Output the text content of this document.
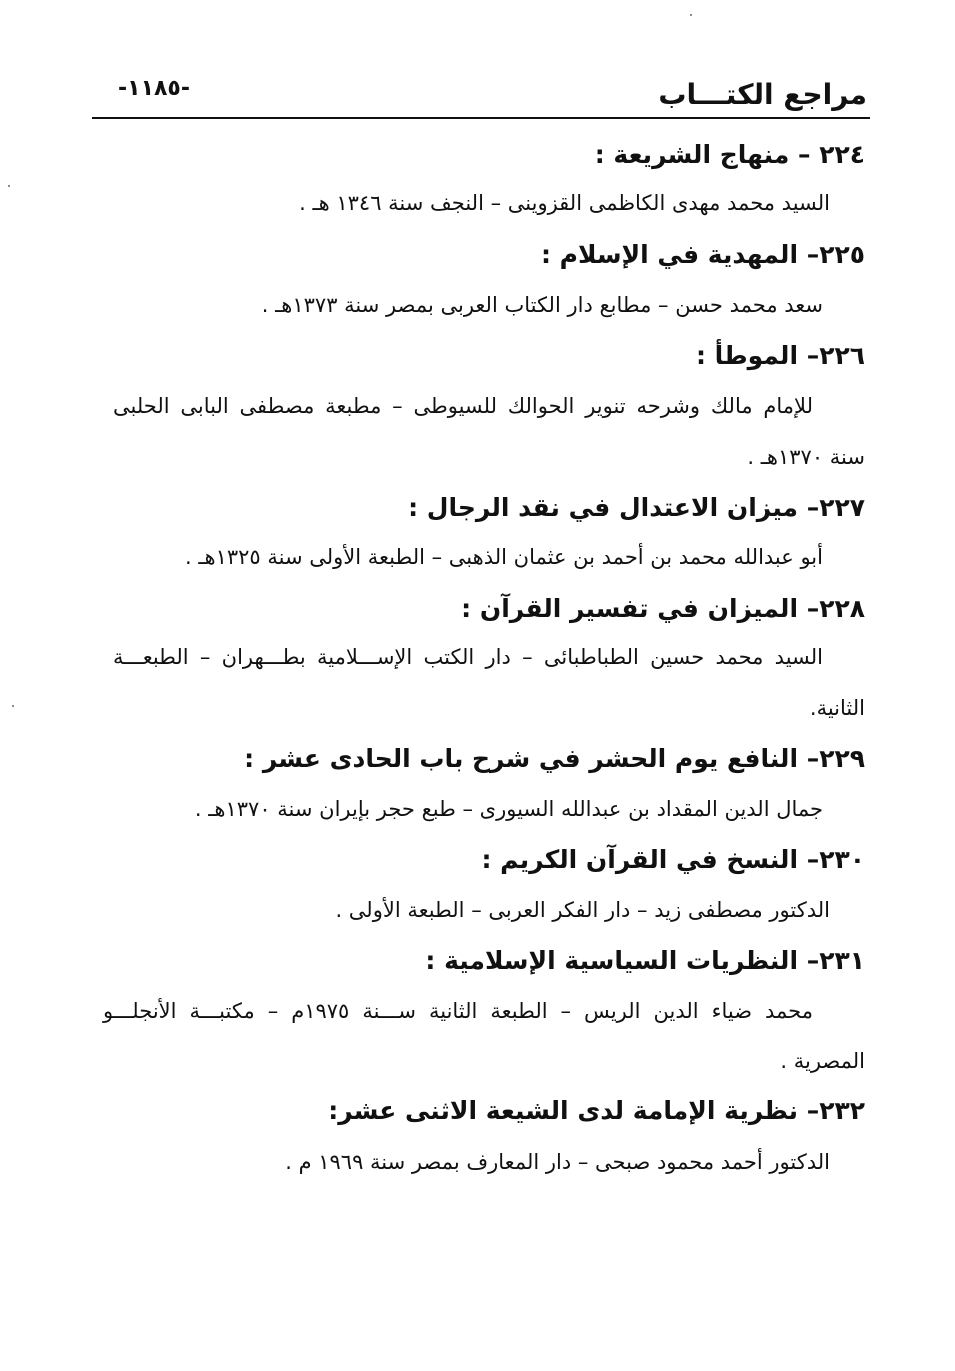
مراجع الكتـــاب
-١١٨٥-
٢٢٤ – منهاج الشريعة :
السيد محمد مهدى الكاظمى القزوينى – النجف سنة ١٣٤٦ هـ .
٢٢٥– المهدية في الإسلام :
سعد محمد حسن – مطابع دار الكتاب العربى بمصر سنة ١٣٧٣هـ .
٢٢٦– الموطأ :
للإمام مالك وشرحه تنوير الحوالك للسيوطى – مطبعة مصطفى البابى الحلبى
سنة ١٣٧٠هـ .
٢٢٧– ميزان الاعتدال في نقد الرجال :
أبو عبدالله محمد بن أحمد بن عثمان الذهبى – الطبعة الأولى سنة ١٣٢٥هـ .
٢٢٨– الميزان في تفسير القرآن :
السيد محمد حسين الطباطبائى – دار الكتب الإســـلامية بطـــهران – الطبعـــة
الثانية.
٢٢٩– النافع يوم الحشر في شرح باب الحادى عشر :
جمال الدين المقداد بن عبدالله السيورى – طبع حجر بإيران سنة ١٣٧٠هـ .
٢٣٠– النسخ في القرآن الكريم :
الدكتور مصطفى زيد – دار الفكر العربى – الطبعة الأولى .
٢٣١– النظريات السياسية الإسلامية :
محمد ضياء الدين الريس – الطبعة الثانية ســـنة ١٩٧٥م – مكتبـــة الأنجلـــو
المصرية .
٢٣٢– نظرية الإمامة لدى الشيعة الاثنى عشر:
الدكتور أحمد محمود صبحى – دار المعارف بمصر سنة ١٩٦٩ م .
